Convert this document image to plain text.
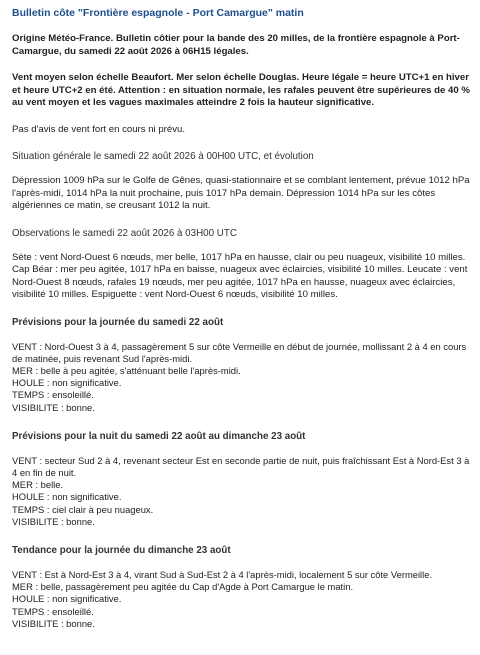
Bulletin côte "Frontière espagnole - Port Camargue" matin
Origine Météo-France. Bulletin côtier pour la bande des 20 milles, de la frontière espagnole à Port-Camargue, du samedi 22 août 2026 à 06H15 légales.
Vent moyen selon échelle Beaufort. Mer selon échelle Douglas. Heure légale = heure UTC+1 en hiver et heure UTC+2 en été. Attention : en situation normale, les rafales peuvent être supérieures de 40 % au vent moyen et les vagues maximales atteindre 2 fois la hauteur significative.
Pas d'avis de vent fort en cours ni prévu.
Situation générale le samedi 22 août 2026 à 00H00 UTC, et évolution
Dépression 1009 hPa sur le Golfe de Gênes, quasi-stationnaire et se comblant lentement, prévue 1012 hPa l'après-midi, 1014 hPa la nuit prochaine, puis 1017 hPa demain. Dépression 1014 hPa sur les côtes algériennes ce matin, se creusant 1012 la nuit.
Observations le samedi 22 août 2026 à 03H00 UTC
Sète : vent Nord-Ouest 6 nœuds, mer belle, 1017 hPa en hausse, clair ou peu nuageux, visibilité 10 milles. Cap Béar : mer peu agitée, 1017 hPa en baisse, nuageux avec éclaircies, visibilité 10 milles. Leucate : vent Nord-Ouest 8 nœuds, rafales 19 nœuds, mer peu agitée, 1017 hPa en hausse, nuageux avec éclaircies, visibilité 10 milles. Espiguette : vent Nord-Ouest 6 nœuds, visibilité 10 milles.
Prévisions pour la journée du samedi 22 août
VENT : Nord-Ouest 3 à 4, passagèrement 5 sur côte Vermeille en début de journée, mollissant 2 à 4 en cours de matinée, puis revenant Sud l'après-midi.
MER : belle à peu agitée, s'atténuant belle l'après-midi.
HOULE : non significative.
TEMPS : ensoleillé.
VISIBILITE : bonne.
Prévisions pour la nuit du samedi 22 août au dimanche 23 août
VENT : secteur Sud 2 à 4, revenant secteur Est en seconde partie de nuit, puis fraîchissant Est à Nord-Est 3 à 4 en fin de nuit.
MER : belle.
HOULE : non significative.
TEMPS : ciel clair à peu nuageux.
VISIBILITE : bonne.
Tendance pour la journée du dimanche 23 août
VENT : Est à Nord-Est 3 à 4, virant Sud à Sud-Est 2 à 4 l'après-midi, localement 5 sur côte Vermeille.
MER : belle, passagèrement peu agitée du Cap d'Agde à Port Camargue le matin.
HOULE : non significative.
TEMPS : ensoleillé.
VISIBILITE : bonne.
